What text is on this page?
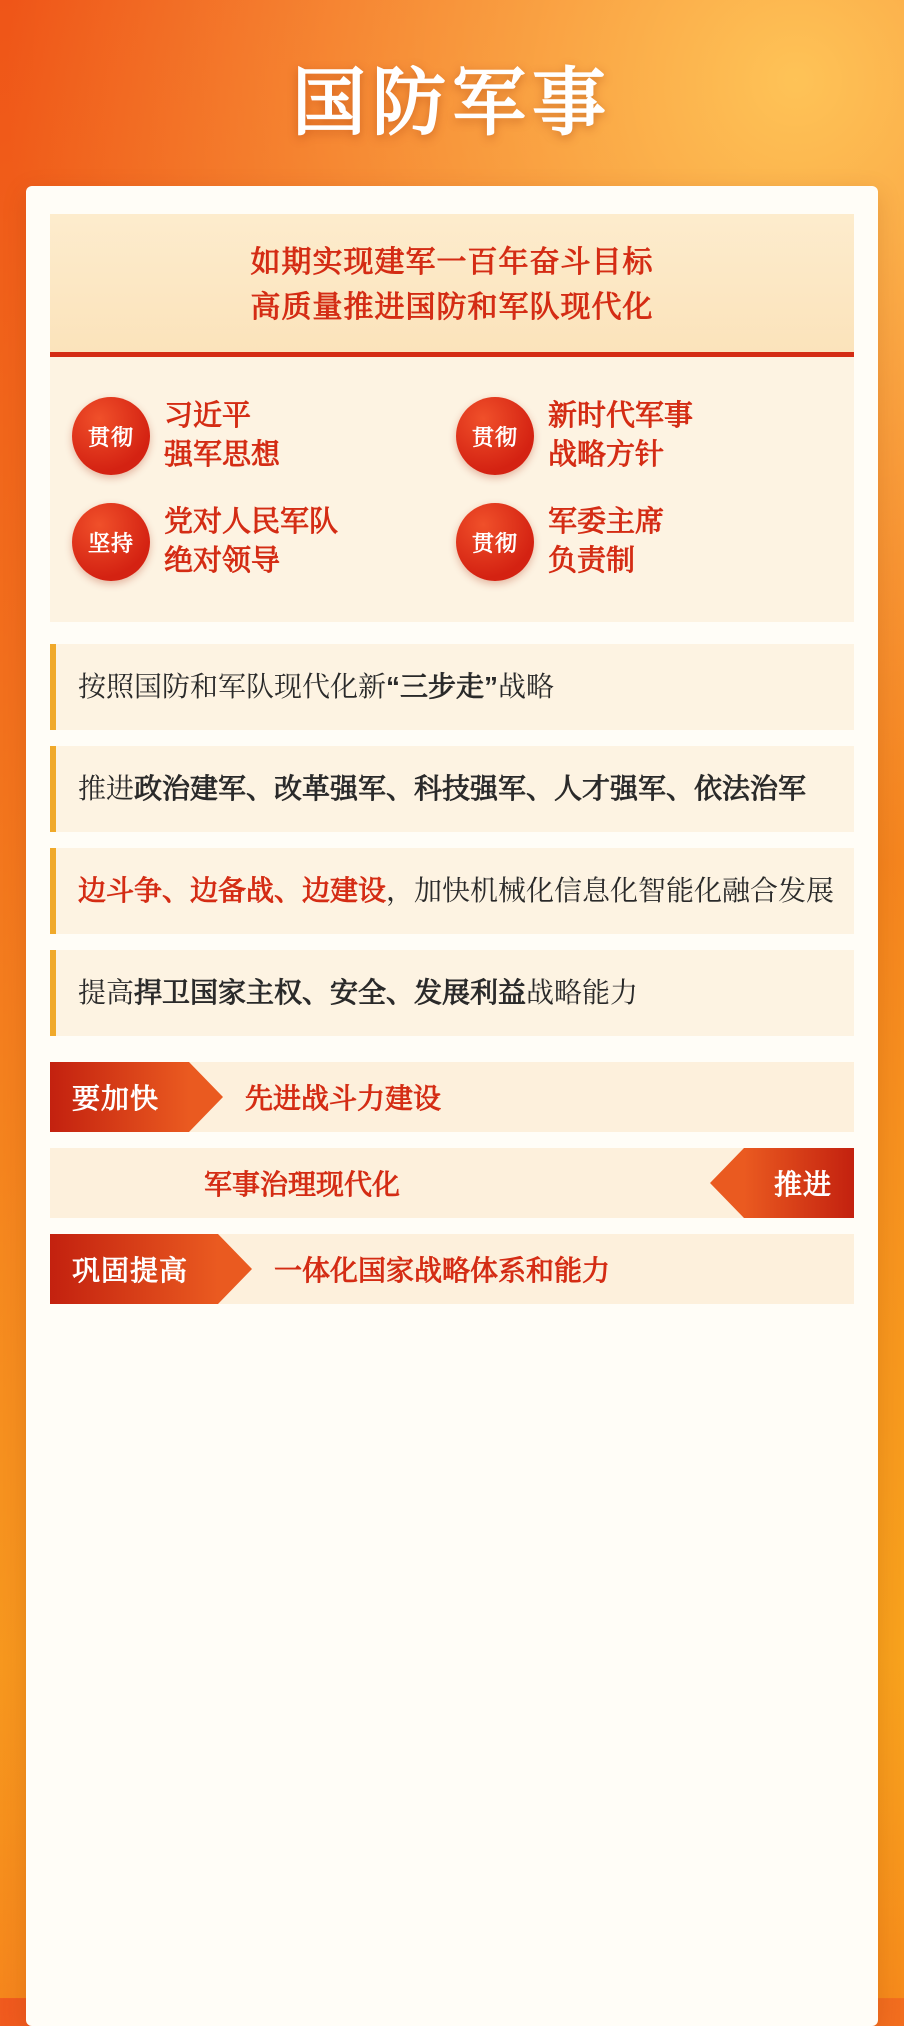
国防军事
如期实现建军一百年奋斗目标
高质量推进国防和军队现代化
贯彻
习近平
强军思想
贯彻
新时代军事
战略方针
坚持
党对人民军队
绝对领导
贯彻
军委主席
负责制
按照国防和军队现代化新“三步走”战略
推进政治建军、改革强军、科技强军、人才强军、依法治军
边斗争、边备战、边建设，加快机械化信息化智能化融合发展
提高捍卫国家主权、安全、发展利益战略能力
要加快	先进战斗力建设
军事治理现代化	推进
巩固提高	一体化国家战略体系和能力
